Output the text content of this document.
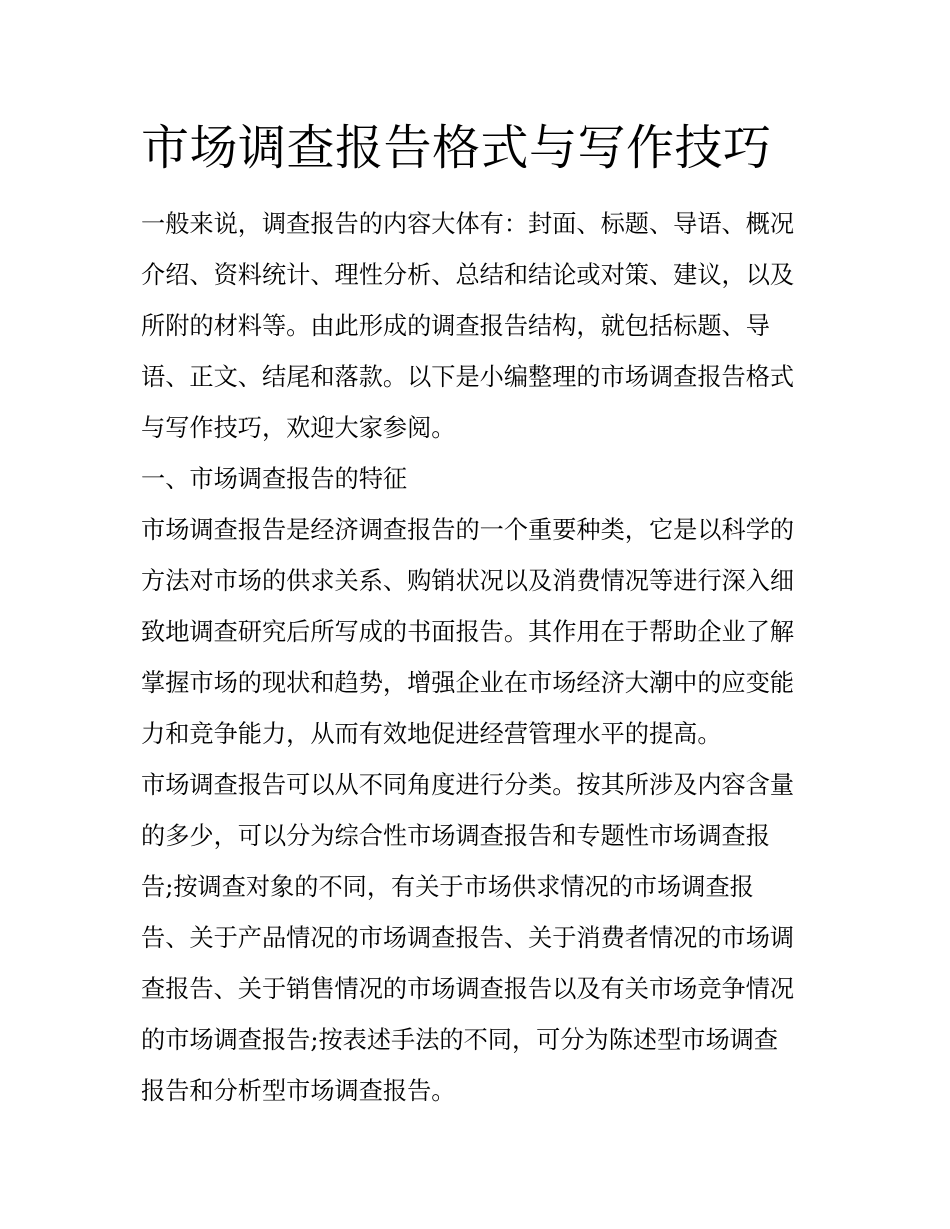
市场调查报告格式与写作技巧

一般来说，调查报告的内容大体有：封面、标题、导语、概况
介绍、资料统计、理性分析、总结和结论或对策、建议，以及
所附的材料等。由此形成的调查报告结构，就包括标题、导
语、正文、结尾和落款。以下是小编整理的市场调查报告格式
与写作技巧，欢迎大家参阅。

一、市场调查报告的特征

市场调查报告是经济调查报告的一个重要种类，它是以科学的
方法对市场的供求关系、购销状况以及消费情况等进行深入细
致地调查研究后所写成的书面报告。其作用在于帮助企业了解
掌握市场的现状和趋势，增强企业在市场经济大潮中的应变能
力和竞争能力，从而有效地促进经营管理水平的提高。

市场调查报告可以从不同角度进行分类。按其所涉及内容含量
的多少，可以分为综合性市场调查报告和专题性市场调查报
告;按调查对象的不同，有关于市场供求情况的市场调查报
告、关于产品情况的市场调查报告、关于消费者情况的市场调
查报告、关于销售情况的市场调查报告以及有关市场竞争情况
的市场调查报告;按表述手法的不同，可分为陈述型市场调查
报告和分析型市场调查报告。
